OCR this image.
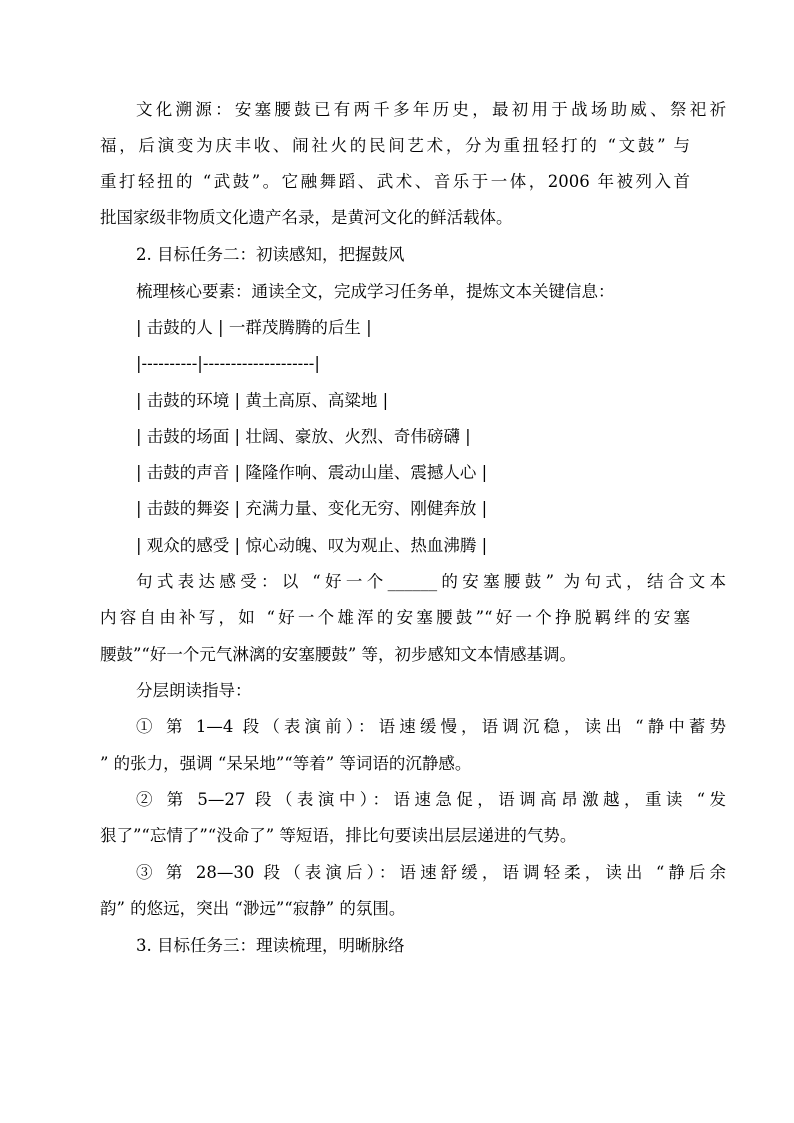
文化溯源：安塞腰鼓已有两千多年历史，最初用于战场助威、祭祀祈

福，后演变为庆丰收、闹社火的民间艺术，分为重扭轻打的 “文鼓” 与

重打轻扭的 “武鼓”。它融舞蹈、武术、音乐于一体，2006 年被列入首

批国家级非物质文化遗产名录，是黄河文化的鲜活载体。

2. 目标任务二：初读感知，把握鼓风

梳理核心要素：通读全文，完成学习任务单，提炼文本关键信息：

| 击鼓的人 | 一群茂腾腾的后生 |

|----------|--------------------|

| 击鼓的环境 | 黄土高原、高粱地 |

| 击鼓的场面 | 壮阔、豪放、火烈、奇伟磅礴 |

| 击鼓的声音 | 隆隆作响、震动山崖、震撼人心 |

| 击鼓的舞姿 | 充满力量、变化无穷、刚健奔放 |

| 观众的感受 | 惊心动魄、叹为观止、热血沸腾 |

句式表达感受：以 “好一个______的安塞腰鼓” 为句式，结合文本

内容自由补写，如 “好一个雄浑的安塞腰鼓”“好一个挣脱羁绊的安塞

腰鼓”“好一个元气淋漓的安塞腰鼓” 等，初步感知文本情感基调。

分层朗读指导：

① 第 1—4 段（表演前）：语速缓慢，语调沉稳，读出 “静中蓄势

” 的张力，强调 “呆呆地”“等着” 等词语的沉静感。

② 第 5—27 段（表演中）：语速急促，语调高昂激越，重读 “发

狠了”“忘情了”“没命了” 等短语，排比句要读出层层递进的气势。

③ 第 28—30 段（表演后）：语速舒缓，语调轻柔，读出 “静后余

韵” 的悠远，突出 “渺远”“寂静” 的氛围。

3. 目标任务三：理读梳理，明晰脉络
